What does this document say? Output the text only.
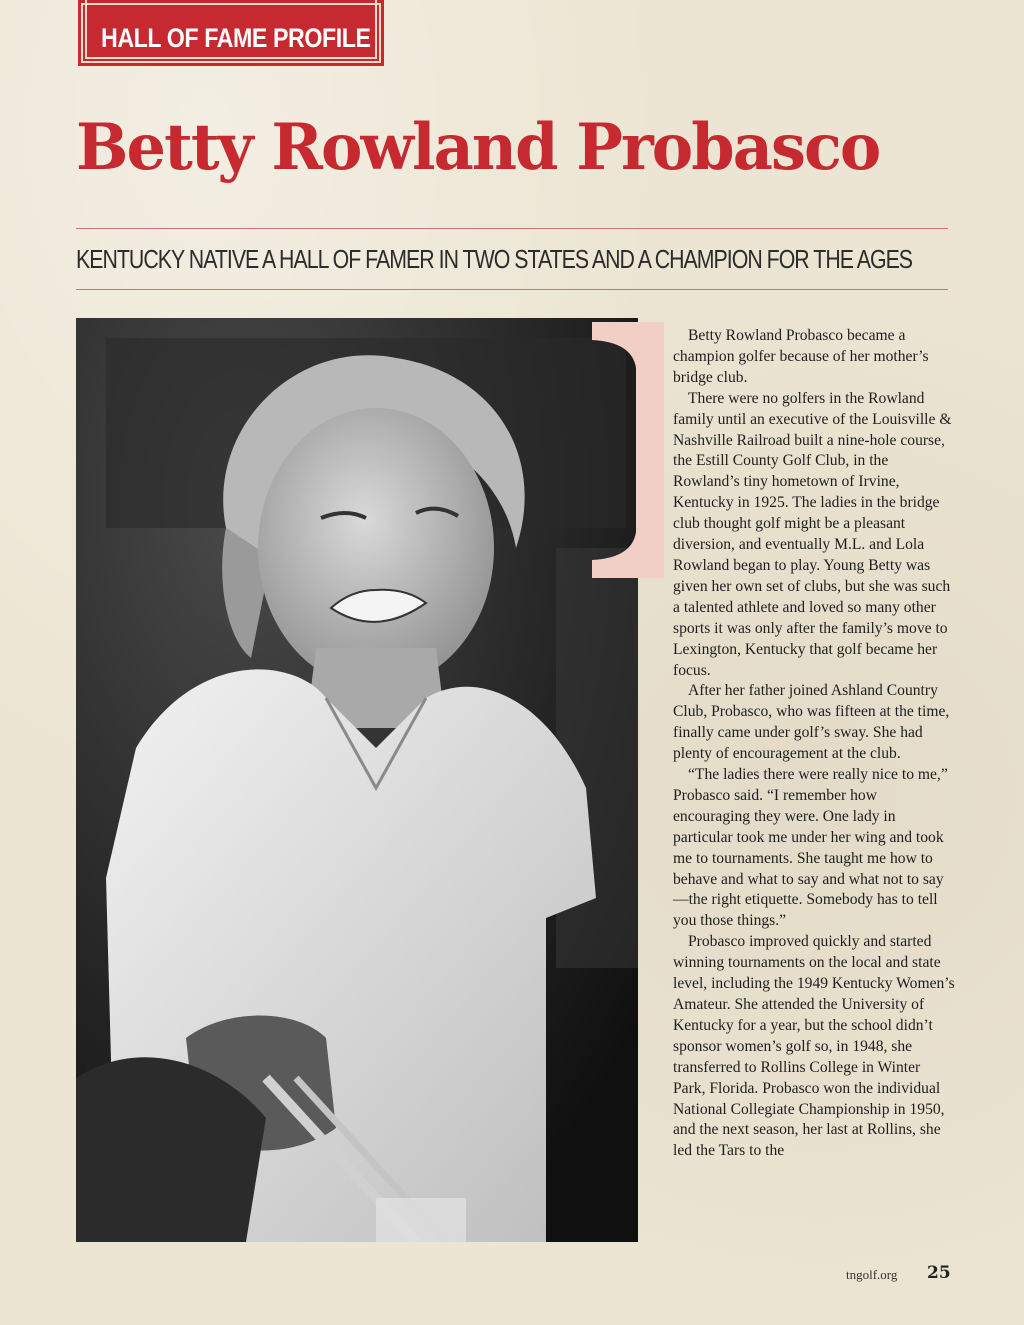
HALL OF FAME PROFILE
Betty Rowland Probasco
KENTUCKY NATIVE A HALL OF FAMER IN TWO STATES AND A CHAMPION FOR THE AGES

Betty Rowland Probasco became a champion golfer because of her mother’s bridge club.

There were no golfers in the Rowland family until an executive of the Louisville & Nashville Railroad built a nine-hole course, the Estill County Golf Club, in the Rowland’s tiny hometown of Irvine, Kentucky in 1925. The ladies in the bridge club thought golf might be a pleasant diversion, and eventually M.L. and Lola Rowland began to play. Young Betty was given her own set of clubs, but she was such a talented athlete and loved so many other sports it was only after the family’s move to Lexington, Kentucky that golf became her focus.

After her father joined Ashland Country Club, Probasco, who was fifteen at the time, finally came under golf’s sway. She had plenty of encouragement at the club.

“The ladies there were really nice to me,” Probasco said. “I remember how encouraging they were. One lady in particular took me under her wing and took me to tournaments. She taught me how to behave and what to say and what not to say—the right etiquette. Somebody has to tell you those things.”

Probasco improved quickly and started winning tournaments on the local and state level, including the 1949 Kentucky Women’s Amateur. She attended the University of Kentucky for a year, but the school didn’t sponsor women’s golf so, in 1948, she transferred to Rollins College in Winter Park, Florida. Probasco won the individual National Collegiate Championship in 1950, and the next season, her last at Rollins, she led the Tars to the

tngolf.org 25
